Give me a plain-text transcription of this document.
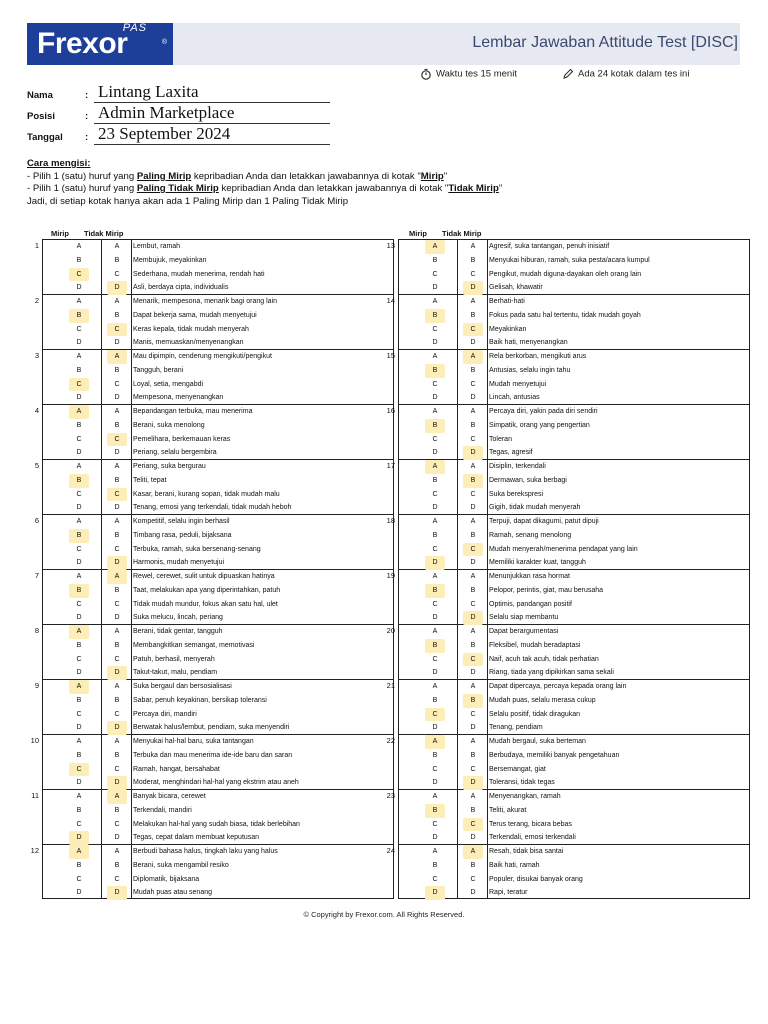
Frexor
PAS
®	Lembar Jawaban Attitude Test [DISC]
Nama	: Lintang Laxita
Posisi	: Admin Marketplace
Tanggal	: 23 September 2024
Waktu tes 15 menit	Ada 24 kotak dalam tes ini
Cara mengisi:
- Pilih 1 (satu) huruf yang Paling Mirip kepribadian Anda dan letakkan jawabannya di kotak "Mirip"
- Pilih 1 (satu) huruf yang Paling Tidak Mirip kepribadian Anda dan letakkan jawabannya di kotak "Tidak Mirip"
Jadi, di setiap kotak hanya akan ada 1 Paling Mirip dan 1 Paling Tidak Mirip
Mirip Tidak Mirip	Mirip Tidak Mirip
A	A	Lembut, ramah
B	B	Membujuk, meyakinkan
C	C	Sederhana, mudah menerima, rendah hati
D	D	Asli, berdaya cipta, individualis
A	A	Menarik, mempesona, menarik bagi orang lain
B	B	Dapat bekerja sama, mudah menyetujui
C	C	Keras kepala, tidak mudah menyerah
D	D	Manis, memuaskan/menyenangkan
A	A	Mau dipimpin, cenderung mengikuti/pengikut
B	B	Tangguh, berani
C	C	Loyal, setia, mengabdi
D	D	Mempesona, menyenangkan
A	A	Bepandangan terbuka, mau menerima
B	B	Berani, suka menolong
C	C	Pemelihara, berkemauan keras
D	D	Periang, selalu bergembira
A	A	Periang, suka bergurau
B	B	Teliti, tepat
C	C	Kasar, berani, kurang sopan, tidak mudah malu
D	D	Tenang, emosi yang terkendali, tidak mudah heboh
A	A	Kompetitif, selalu ingin berhasil
B	B	Timbang rasa, peduli, bijaksana
C	C	Terbuka, ramah, suka bersenang-senang
D	D	Harmonis, mudah menyetujui
A	A	Rewel, cerewet, sulit untuk dipuaskan hatinya
B	B	Taat, melakukan apa yang diperintahkan, patuh
C	C	Tidak mudah mundur, fokus akan satu hal, ulet
D	D	Suka melucu, lincah, periang
A	A	Berani, tidak gentar, tangguh
B	B	Membangkitkan semangat, memotivasi
C	C	Patuh, berhasil, menyerah
D	D	Takut-takut, malu, pendiam
A	A	Suka bergaul dan bersosialisasi
B	B	Sabar, penuh keyakinan, bersikap toleransi
C	C	Percaya diri, mandiri
D	D	Berwatak halus/lembut, pendiam, suka menyendiri
A	A	Menyukai hal-hal baru, suka tantangan
B	B	Terbuka dan mau menerima ide-ide baru dan saran
C	C	Ramah, hangat, bersahabat
D	D	Moderat, menghindari hal-hal yang ekstrim atau aneh
A	A	Banyak bicara, cerewet
B	B	Terkendali, mandiri
C	C	Melakukan hal-hal yang sudah biasa, tidak berlebihan
D	D	Tegas, cepat dalam membuat keputusan
A	A	Berbudi bahasa halus, tingkah laku yang halus
B	B	Berani, suka mengambil resiko
C	C	Diplomatik, bijaksana
D	D	Mudah puas atau senang
A	A	Agresif, suka tantangan, penuh inisiatif
B	B	Menyukai hiburan, ramah, suka pesta/acara kumpul
C	C	Pengikut, mudah diguna-dayakan oleh orang lain
D	D	Gelisah, khawatir
A	A	Berhati-hati
B	B	Fokus pada satu hal tertentu, tidak mudah goyah
C	C	Meyakinkan
D	D	Baik hati, menyenangkan
A	A	Rela berkorban, mengikuti arus
B	B	Antusias, selalu ingin tahu
C	C	Mudah menyetujui
D	D	Lincah, antusias
A	A	Percaya diri, yakin pada diri sendiri
B	B	Simpatik, orang yang pengertian
C	C	Toleran
D	D	Tegas, agresif
A	A	Disiplin, terkendali
B	B	Dermawan, suka berbagi
C	C	Suka berekspresi
D	D	Gigih, tidak mudah menyerah
A	A	Terpuji, dapat dikagumi, patut dipuji
B	B	Ramah, senang menolong
C	C	Mudah menyerah/menerima pendapat yang lain
D	D	Memiliki karakter kuat, tangguh
A	A	Menunjukkan rasa hormat
B	B	Pelopor, perintis, giat, mau berusaha
C	C	Optimis, pandangan positif
D	D	Selalu siap membantu
A	A	Dapat berargumentasi
B	B	Fleksibel, mudah beradaptasi
C	C	Naif, acuh tak acuh, tidak perhatian
D	D	Riang, tiada yang dipikirkan sama sekali
A	A	Dapat dipercaya, percaya kepada orang lain
B	B	Mudah puas, selalu merasa cukup
C	C	Selalu positif, tidak diragukan
D	D	Tenang, pendiam
A	A	Mudah bergaul, suka berteman
B	B	Berbudaya, memiliki banyak pengetahuan
C	C	Bersemangat, giat
D	D	Toleransi, tidak tegas
A	A	Menyenangkan, ramah
B	B	Teliti, akurat
C	C	Terus terang, bicara bebas
D	D	Terkendali, emosi terkendali
A	A	Resah, tidak bisa santai
B	B	Baik hati, ramah
C	C	Populer, disukai banyak orang
D	D	Rapi, teratur
1
2
3
4
5
6
7
8
9
10
11
12
13
14
15
16
17
18
19
20
21
22
23
24
© Copyright by Frexor.com. All Rights Reserved.
